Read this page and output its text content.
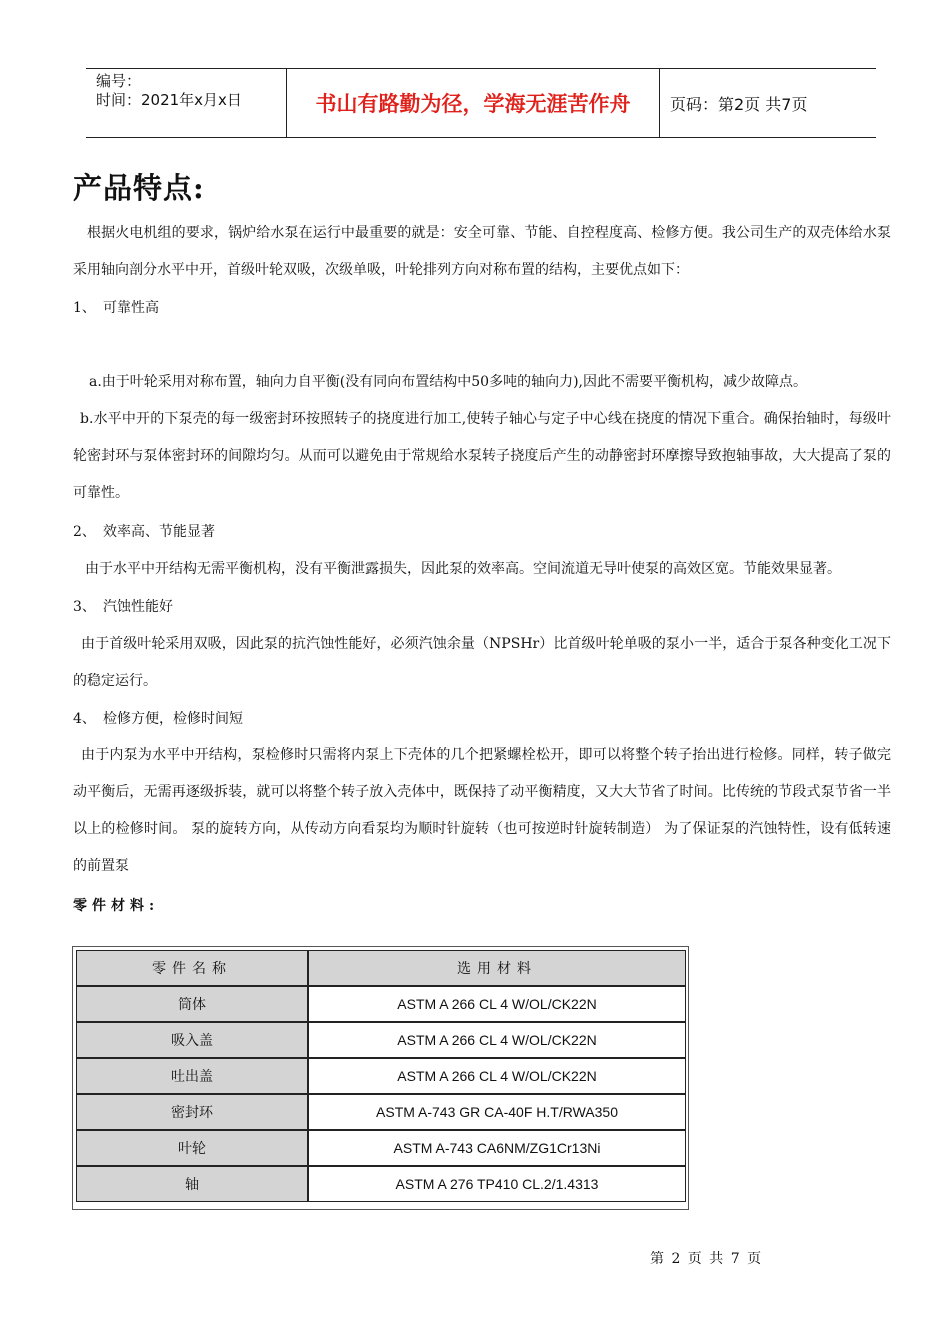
编号：
时间：2021年x月x日	书山有路勤为径，学海无涯苦作舟	页码：第2页 共7页
产品特点:
根据火电机组的要求，锅炉给水泵在运行中最重要的就是：安全可靠、节能、自控程度高、检修方便。我公司生产的双壳体给水泵采用轴向剖分水平中开，首级叶轮双吸，次级单吸，叶轮排列方向对称布置的结构，主要优点如下：
1、 可靠性高
a.由于叶轮采用对称布置，轴向力自平衡(没有同向布置结构中50多吨的轴向力),因此不需要平衡机构，减少故障点。
b.水平中开的下泵壳的每一级密封环按照转子的挠度进行加工,使转子轴心与定子中心线在挠度的情况下重合。确保抬轴时，每级叶轮密封环与泵体密封环的间隙均匀。从而可以避免由于常规给水泵转子挠度后产生的动静密封环摩擦导致抱轴事故，大大提高了泵的可靠性。
2、 效率高、节能显著
由于水平中开结构无需平衡机构，没有平衡泄露损失，因此泵的效率高。空间流道无导叶使泵的高效区宽。节能效果显著。
3、 汽蚀性能好
由于首级叶轮采用双吸，因此泵的抗汽蚀性能好，必须汽蚀余量（NPSHr）比首级叶轮单吸的泵小一半，适合于泵各种变化工况下的稳定运行。
4、 检修方便，检修时间短
由于内泵为水平中开结构，泵检修时只需将内泵上下壳体的几个把紧螺栓松开，即可以将整个转子抬出进行检修。同样，转子做完动平衡后，无需再逐级拆装，就可以将整个转子放入壳体中，既保持了动平衡精度，又大大节省了时间。比传统的节段式泵节省一半以上的检修时间。 泵的旋转方向，从传动方向看泵均为顺时针旋转（也可按逆时针旋转制造） 为了保证泵的汽蚀特性，设有低转速的前置泵
零件材料:
零件名称	选用材料
筒体	ASTM A 266 CL 4 W/OL/CK22N
吸入盖	ASTM A 266 CL 4 W/OL/CK22N
吐出盖	ASTM A 266 CL 4 W/OL/CK22N
密封环	ASTM A-743 GR CA-40F H.T/RWA350
叶轮	ASTM A-743 CA6NM/ZG1Cr13Ni
轴	ASTM A 276 TP410 CL.2/1.4313
第 2 页 共 7 页
